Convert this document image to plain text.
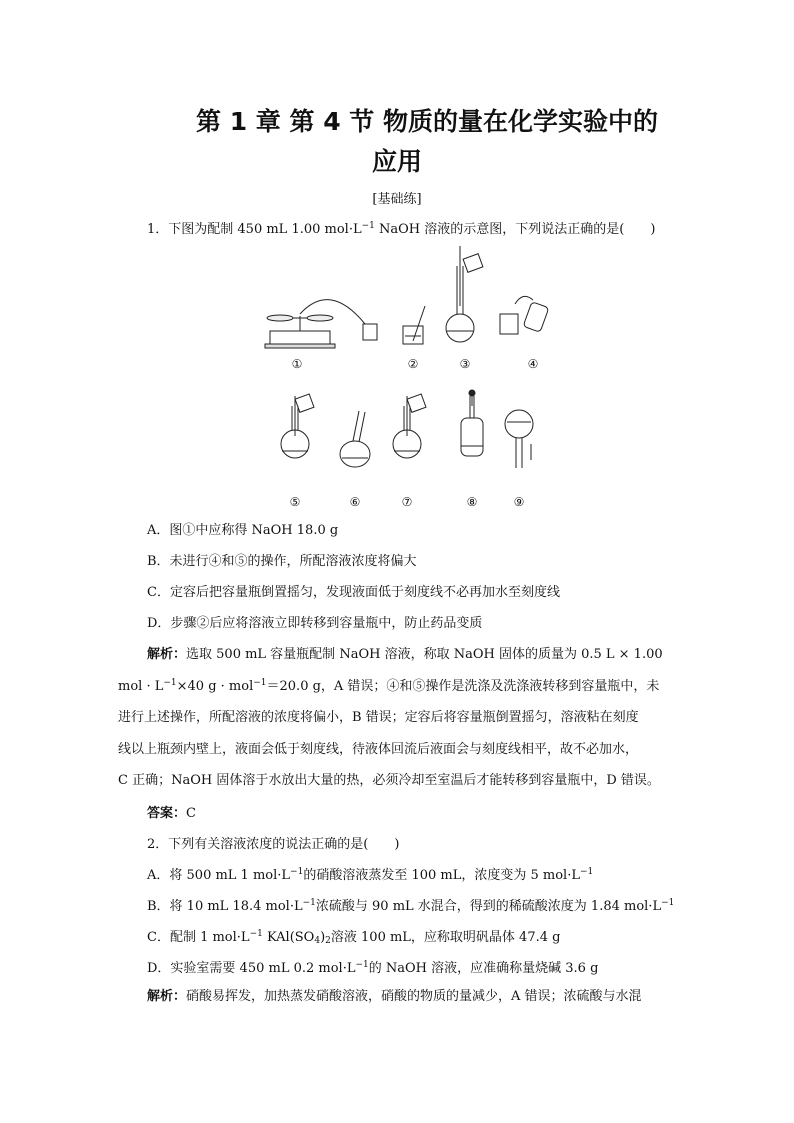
第 1 章 第 4 节 物质的量在化学实验中的
应用
[基础练]
1．下图为配制 450 mL 1.00 $mol\cdot L^{-1}$ NaOH 溶液的示意图，下列说法正确的是(　　)
①	②	③	④
⑤	⑥	⑦	⑧	⑨
A．图①中应称得 NaOH 18.0 g
B．未进行④和⑤的操作，所配溶液浓度将偏大
C．定容后把容量瓶倒置摇匀，发现液面低于刻度线不必再加水至刻度线
D．步骤②后应将溶液立即转移到容量瓶中，防止药品变质
解析：选取 500 mL 容量瓶配制 NaOH 溶液，称取 NaOH 固体的质量为 0.5 L × 1.00
mol · $L^{-1}\times 40$ g · mol$^{-1}$＝20.0 g，A 错误；④和⑤操作是洗涤及洗涤液转移到容量瓶中，未
进行上述操作，所配溶液的浓度将偏小，B 错误；定容后将容量瓶倒置摇匀，溶液粘在刻度
线以上瓶颈内壁上，液面会低于刻度线，待液体回流后液面会与刻度线相平，故不必加水，
C 正确；NaOH 固体溶于水放出大量的热，必须冷却至室温后才能转移到容量瓶中，D 错误。
答案：C
2．下列有关溶液浓度的说法正确的是(　　)
A．将 500 mL 1 $mol\cdot L^{-1}$的硝酸溶液蒸发至 100 mL，浓度变为 5 $mol\cdot L^{-1}$
B．将 10 mL 18.4 $mol\cdot L^{-1}$浓硫酸与 90 mL 水混合，得到的稀硫酸浓度为 1.84 $mol\cdot L^{-1}$
C．配制 1 $mol\cdot L^{-1}$ $KAl(SO_4)_2$溶液 100 mL，应称取明矾晶体 47.4 g
D．实验室需要 450 mL 0.2 $mol\cdot L^{-1}$的 NaOH 溶液，应准确称量烧碱 3.6 g
解析：硝酸易挥发，加热蒸发硝酸溶液，硝酸的物质的量减少，A 错误；浓硫酸与水混
